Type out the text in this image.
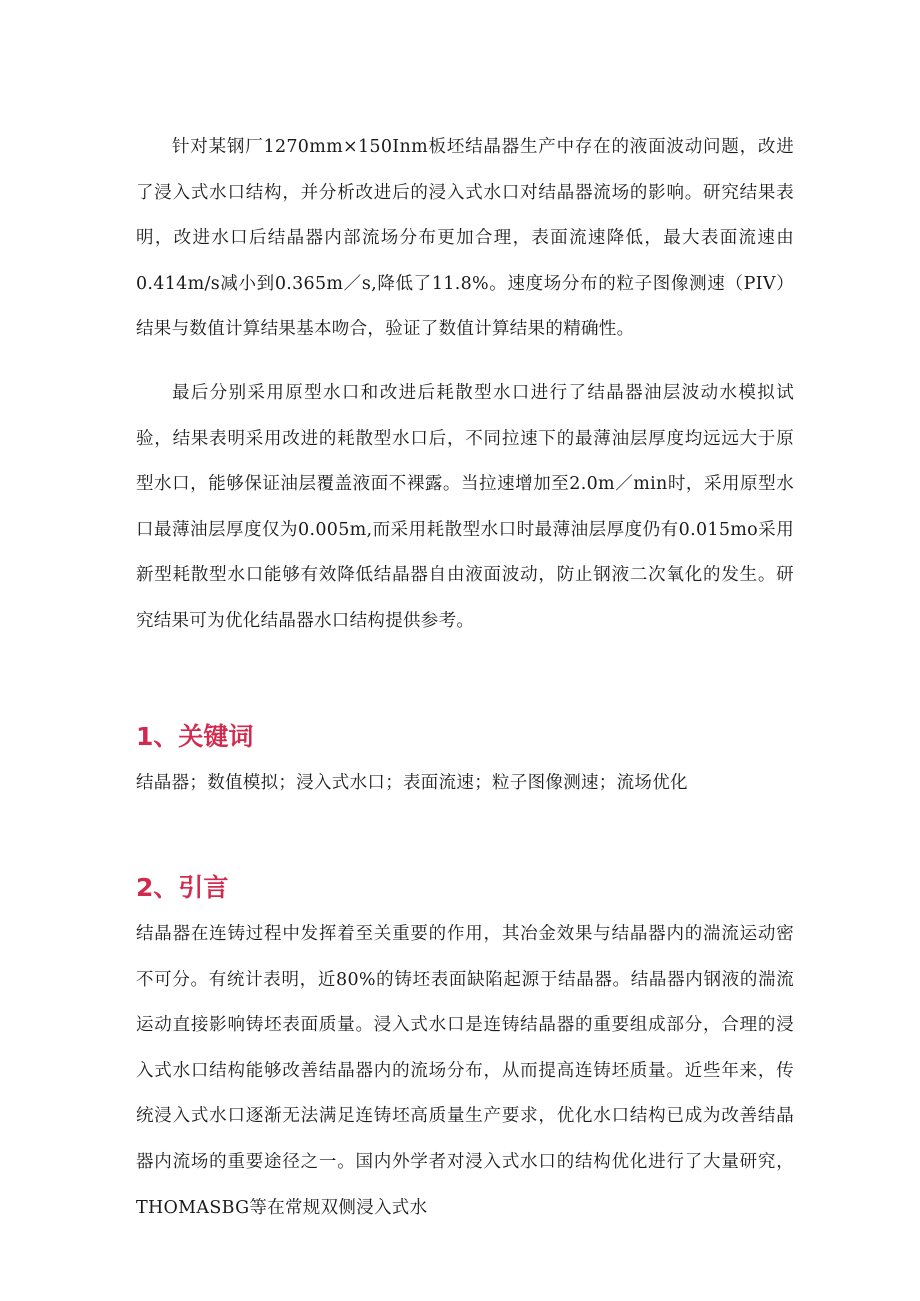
针对某钢厂1270mm×150Inm板坯结晶器生产中存在的液面波动问题，改进了浸入式水口结构，并分析改进后的浸入式水口对结晶器流场的影响。研究结果表明，改进水口后结晶器内部流场分布更加合理，表面流速降低，最大表面流速由0.414m/s减小到0.365m／s,降低了11.8%。速度场分布的粒子图像测速（PIV）结果与数值计算结果基本吻合，验证了数值计算结果的精确性。

最后分别采用原型水口和改进后耗散型水口进行了结晶器油层波动水模拟试验，结果表明采用改进的耗散型水口后，不同拉速下的最薄油层厚度均远远大于原型水口，能够保证油层覆盖液面不裸露。当拉速增加至2.0m／min时，采用原型水口最薄油层厚度仅为0.005m,而采用耗散型水口时最薄油层厚度仍有0.015mo采用新型耗散型水口能够有效降低结晶器自由液面波动，防止钢液二次氧化的发生。研究结果可为优化结晶器水口结构提供参考。

1、关键词

结晶器；数值模拟；浸入式水口；表面流速；粒子图像测速；流场优化

2、引言

结晶器在连铸过程中发挥着至关重要的作用，其冶金效果与结晶器内的湍流运动密不可分。有统计表明，近80%的铸坯表面缺陷起源于结晶器。结晶器内钢液的湍流运动直接影响铸坯表面质量。浸入式水口是连铸结晶器的重要组成部分，合理的浸入式水口结构能够改善结晶器内的流场分布，从而提高连铸坯质量。近些年来，传统浸入式水口逐渐无法满足连铸坯高质量生产要求，优化水口结构已成为改善结晶器内流场的重要途径之一。国内外学者对浸入式水口的结构优化进行了大量研究，THOMASBG等在常规双侧浸入式水
